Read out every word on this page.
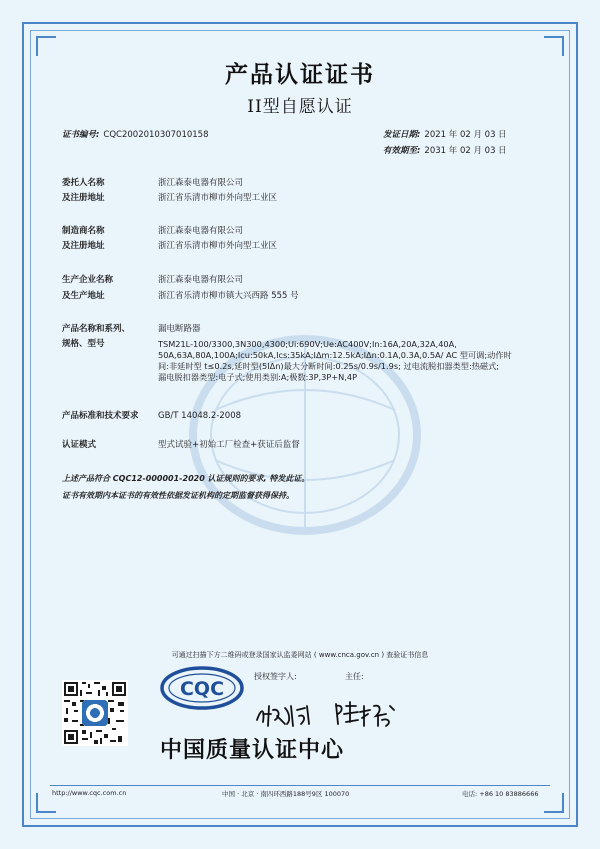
产品认证证书
II型自愿认证
证书编号: CQC2002010307010158	发证日期: 2021 年 02 月 03 日
有效期至: 2031 年 02 月 03 日
委托人名称	浙江森泰电器有限公司
及注册地址	浙江省乐清市柳市外向型工业区
制造商名称	浙江森泰电器有限公司
及注册地址	浙江省乐清市柳市外向型工业区
生产企业名称	浙江森泰电器有限公司
及生产地址	浙江省乐清市柳市镇大兴西路 555 号
产品名称和系列、	漏电断路器
规格、型号	TSM21L-100/3300,3N300,4300;Ui:690V;Ue:AC400V;In:16A,20A,32A,40A,
50A,63A,80A,100A;Icu:50kA,Ics:35kA;IΔm:12.5kA;IΔn:0.1A,0.3A,0.5A/ AC 型可调;动作时
间:非延时型 t≤0.2s,延时型(5IΔn)最大分断时间:0.25s/0.9s/1.9s; 过电流脱扣器类型:热磁式;
漏电脱扣器类型:电子式;使用类别:A;极数:3P,3P+N,4P
产品标准和技术要求	GB/T 14048.2-2008
认证模式	型式试验+初始工厂检查+获证后监督
上述产品符合 CQC12-000001-2020 认证规则的要求, 特发此证。
证书有效期内本证书的有效性依据发证机构的定期监督获得保持。
可通过扫描下方二维码或登录国家认监委网站 ( www.cnca.gov.cn ) 查验证书信息
CQC
授权签字人:	主任:
中国质量认证中心
http://www.cqc.com.cn	中国 · 北京 · 南四环西路188号9区 100070	电话: +86 10 83886666
